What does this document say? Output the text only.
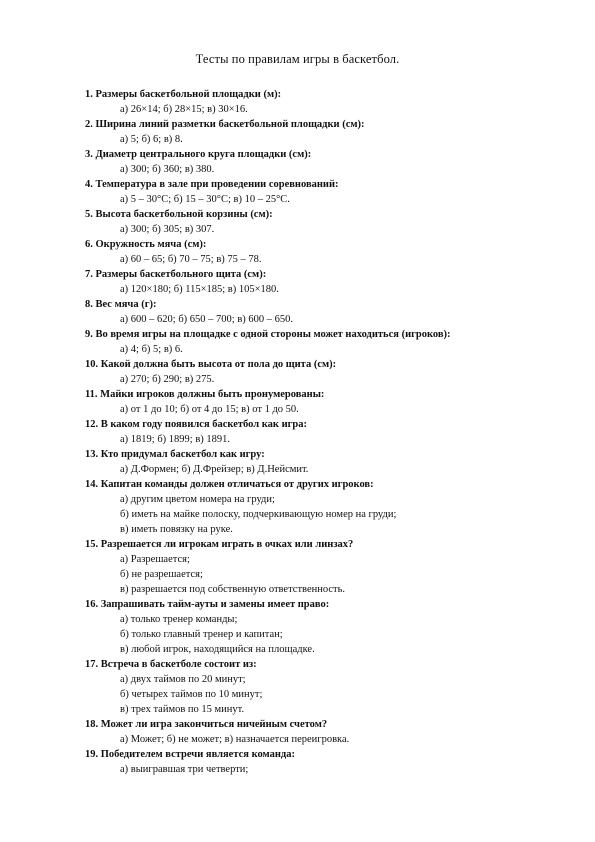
Тесты по правилам игры в баскетбол.
1. Размеры баскетбольной площадки (м):
а) 26×14; б) 28×15; в) 30×16.
2. Ширина линий разметки баскетбольной площадки (см):
а) 5; б) 6; в) 8.
3. Диаметр центрального круга площадки (см):
а) 300; б) 360; в) 380.
4. Температура в зале при проведении соревнований:
а) 5 – 30°С; б) 15 – 30°С; в) 10 – 25°С.
5. Высота баскетбольной корзины (см):
а) 300; б) 305; в) 307.
6. Окружность мяча (см):
а) 60 – 65; б) 70 – 75; в) 75 – 78.
7. Размеры баскетбольного щита (см):
а) 120×180; б) 115×185; в) 105×180.
8. Вес мяча (г):
а) 600 – 620; б) 650 – 700; в) 600 – 650.
9. Во время игры на площадке с одной стороны может находиться (игроков):
а) 4; б) 5; в) 6.
10. Какой должна быть высота от пола до щита (см):
а) 270; б) 290; в) 275.
11. Майки игроков должны быть пронумерованы:
а) от 1 до 10; б) от 4 до 15; в) от 1 до 50.
12. В каком году появился баскетбол как игра:
а) 1819; б) 1899; в) 1891.
13. Кто придумал баскетбол как игру:
а) Д.Формен; б) Д.Фрейзер; в) Д.Нейсмит.
14. Капитан команды должен отличаться от других игроков:
а) другим цветом номера на груди;
б) иметь на майке полоску, подчеркивающую номер на груди;
в) иметь повязку на руке.
15. Разрешается ли игрокам играть в очках или линзах?
а) Разрешается;
б) не разрешается;
в) разрешается под собственную ответственность.
16. Запрашивать тайм-ауты и замены имеет право:
а) только тренер команды;
б) только главный тренер и капитан;
в) любой игрок, находящийся на площадке.
17. Встреча в баскетболе состоит из:
а) двух таймов по 20 минут;
б) четырех таймов по 10 минут;
в) трех таймов по 15 минут.
18. Может ли игра закончиться ничейным счетом?
а) Может; б) не может; в) назначается переигровка.
19. Победителем встречи является команда:
а) выигравшая три четверти;
